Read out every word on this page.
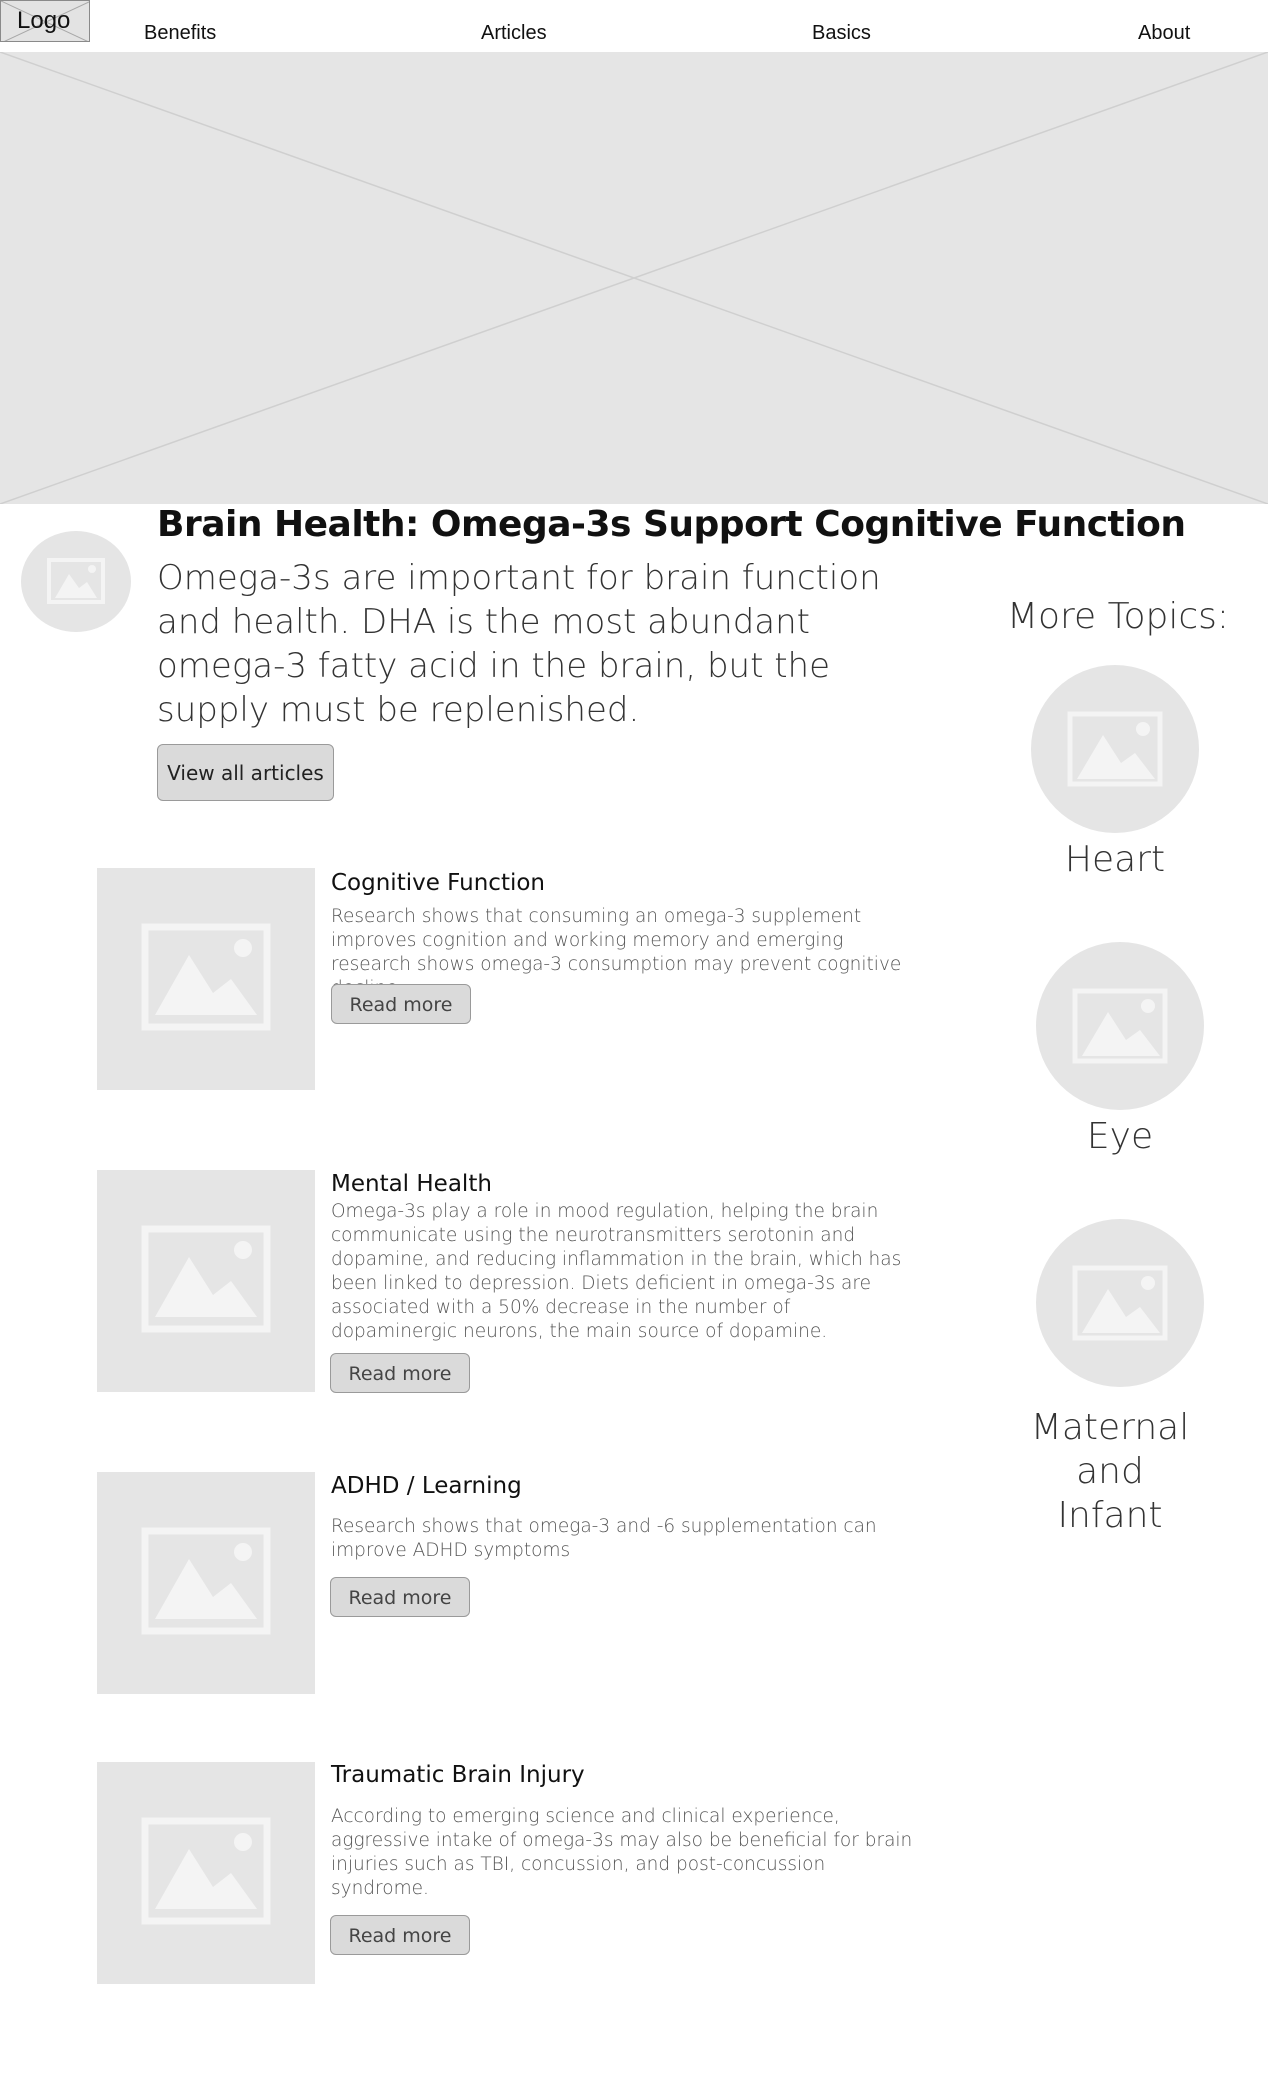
Logo	Benefits	Articles	Basics	About
Brain Health: Omega-3s Support Cognitive Function
Omega-3s are important for brain function and health. DHA is the most abundant omega-3 fatty acid in the brain, but the supply must be replenished.
View all articles
Cognitive Function
Research shows that consuming an omega-3 supplement improves cognition and working memory and emerging research shows omega-3 consumption may prevent cognitive
Read more
Mental Health
Omega-3s play a role in mood regulation, helping the brain communicate using the neurotransmitters serotonin and dopamine, and reducing inflammation in the brain, which has been linked to depression. Diets deficient in omega-3s are associated with a 50% decrease in the number of dopaminergic neurons, the main source of dopamine.
Read more
ADHD / Learning
Research shows that omega-3 and -6 supplementation can improve ADHD symptoms
Read more
Traumatic Brain Injury
According to emerging science and clinical experience, aggressive intake of omega-3s may also be beneficial for brain injuries such as TBI, concussion, and post-concussion syndrome.
Read more
More Topics:
Heart
Eye
Maternal and Infant
